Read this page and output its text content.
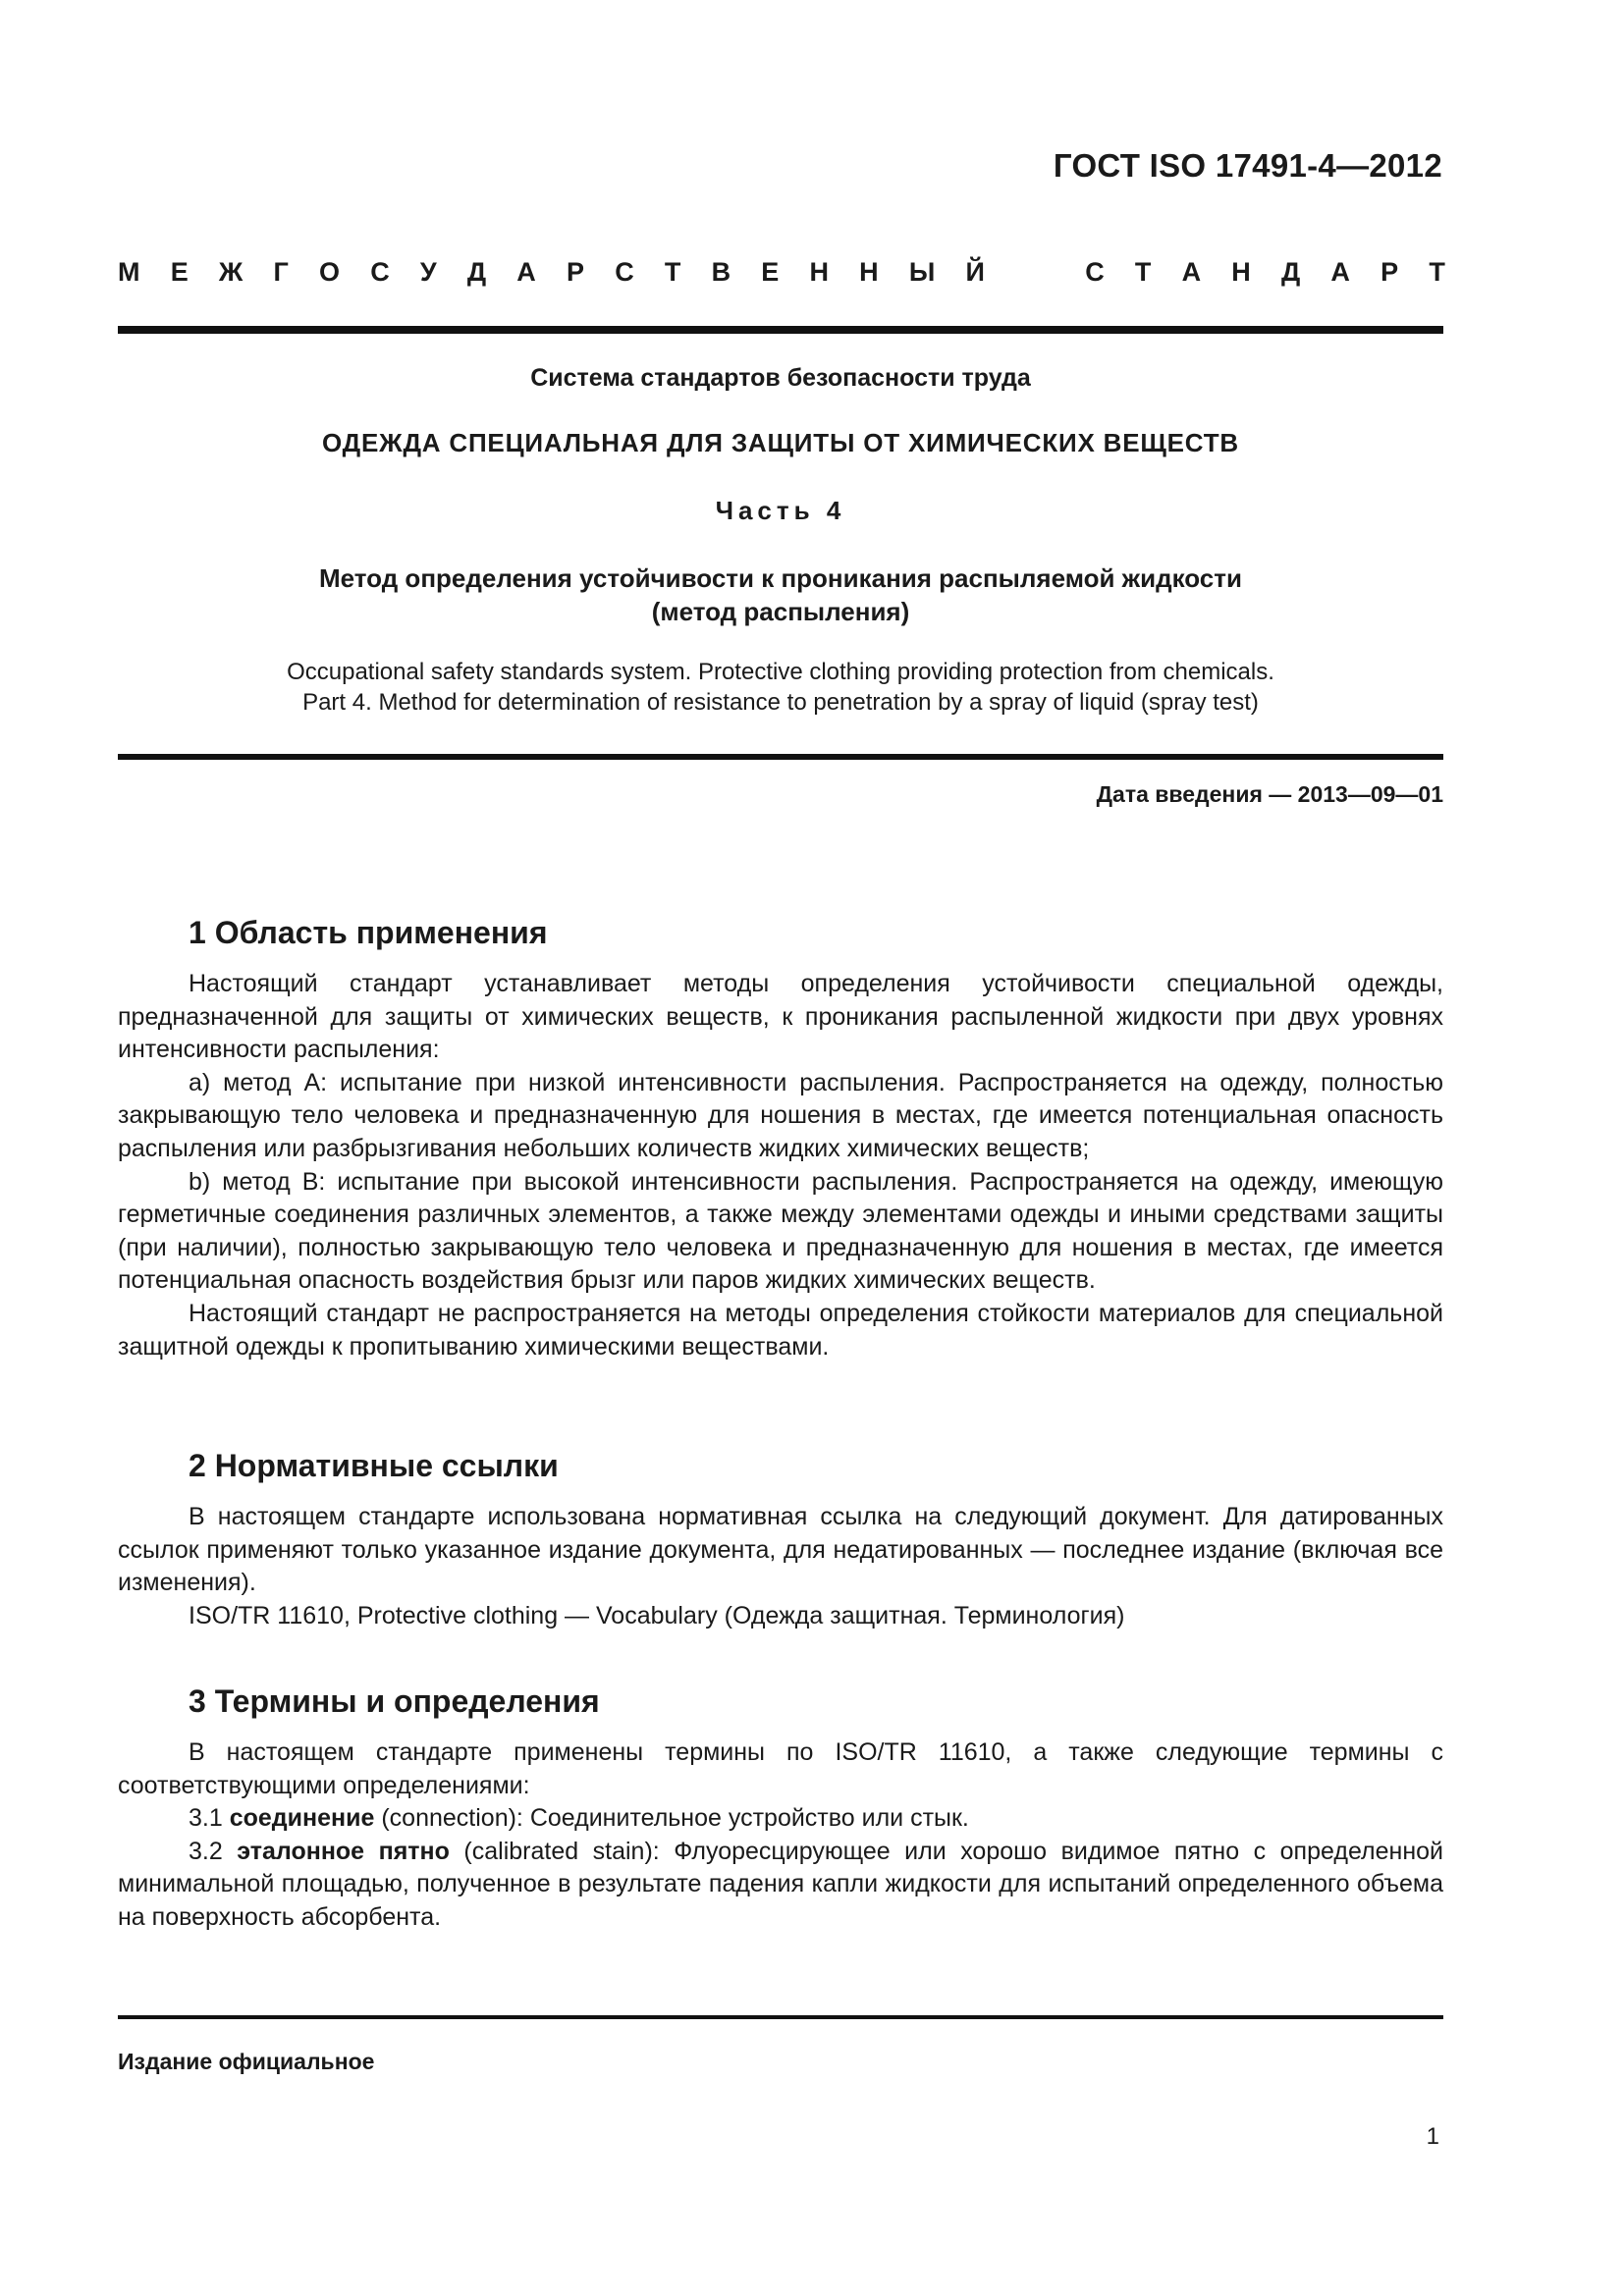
ГОСТ ISO 17491-4—2012
М Е Ж Г О С У Д А Р С Т В Е Н Н Ы Й	С Т А Н Д А Р Т
Система стандартов безопасности труда
ОДЕЖДА СПЕЦИАЛЬНАЯ ДЛЯ ЗАЩИТЫ ОТ ХИМИЧЕСКИХ ВЕЩЕСТВ
Часть 4
Метод определения устойчивости к проникания распыляемой жидкости
(метод распыления)
Occupational safety standards system. Protective clothing providing protection from chemicals.
Part 4. Method for determination of resistance to penetration by a spray of liquid (spray test)
Дата введения — 2013—09—01
1 Область применения

Настоящий стандарт устанавливает методы определения устойчивости специальной одежды, предназначенной для защиты от химических веществ, к проникания распыленной жидкости при двух уровнях интенсивности распыления:

a) метод А: испытание при низкой интенсивности распыления. Распространяется на одежду, полностью закрывающую тело человека и предназначенную для ношения в местах, где имеется потенциальная опасность распыления или разбрызгивания небольших количеств жидких химических веществ;

b) метод В: испытание при высокой интенсивности распыления. Распространяется на одежду, имеющую герметичные соединения различных элементов, а также между элементами одежды и иными средствами защиты (при наличии), полностью закрывающую тело человека и предназначенную для ношения в местах, где имеется потенциальная опасность воздействия брызг или паров жидких химических веществ.

Настоящий стандарт не распространяется на методы определения стойкости материалов для специальной защитной одежды к пропитыванию химическими веществами.

2 Нормативные ссылки

В настоящем стандарте использована нормативная ссылка на следующий документ. Для датированных ссылок применяют только указанное издание документа, для недатированных — последнее издание (включая все изменения).

ISO/TR 11610, Protective clothing — Vocabulary (Одежда защитная. Терминология)

3 Термины и определения

В настоящем стандарте применены термины по ISO/TR 11610, а также следующие термины с соответствующими определениями:

3.1 соединение (connection): Соединительное устройство или стык.

3.2 эталонное пятно (calibrated stain): Флуоресцирующее или хорошо видимое пятно с определенной минимальной площадью, полученное в результате падения капли жидкости для испытаний определенного объема на поверхность абсорбента.

Издание официальное
1
